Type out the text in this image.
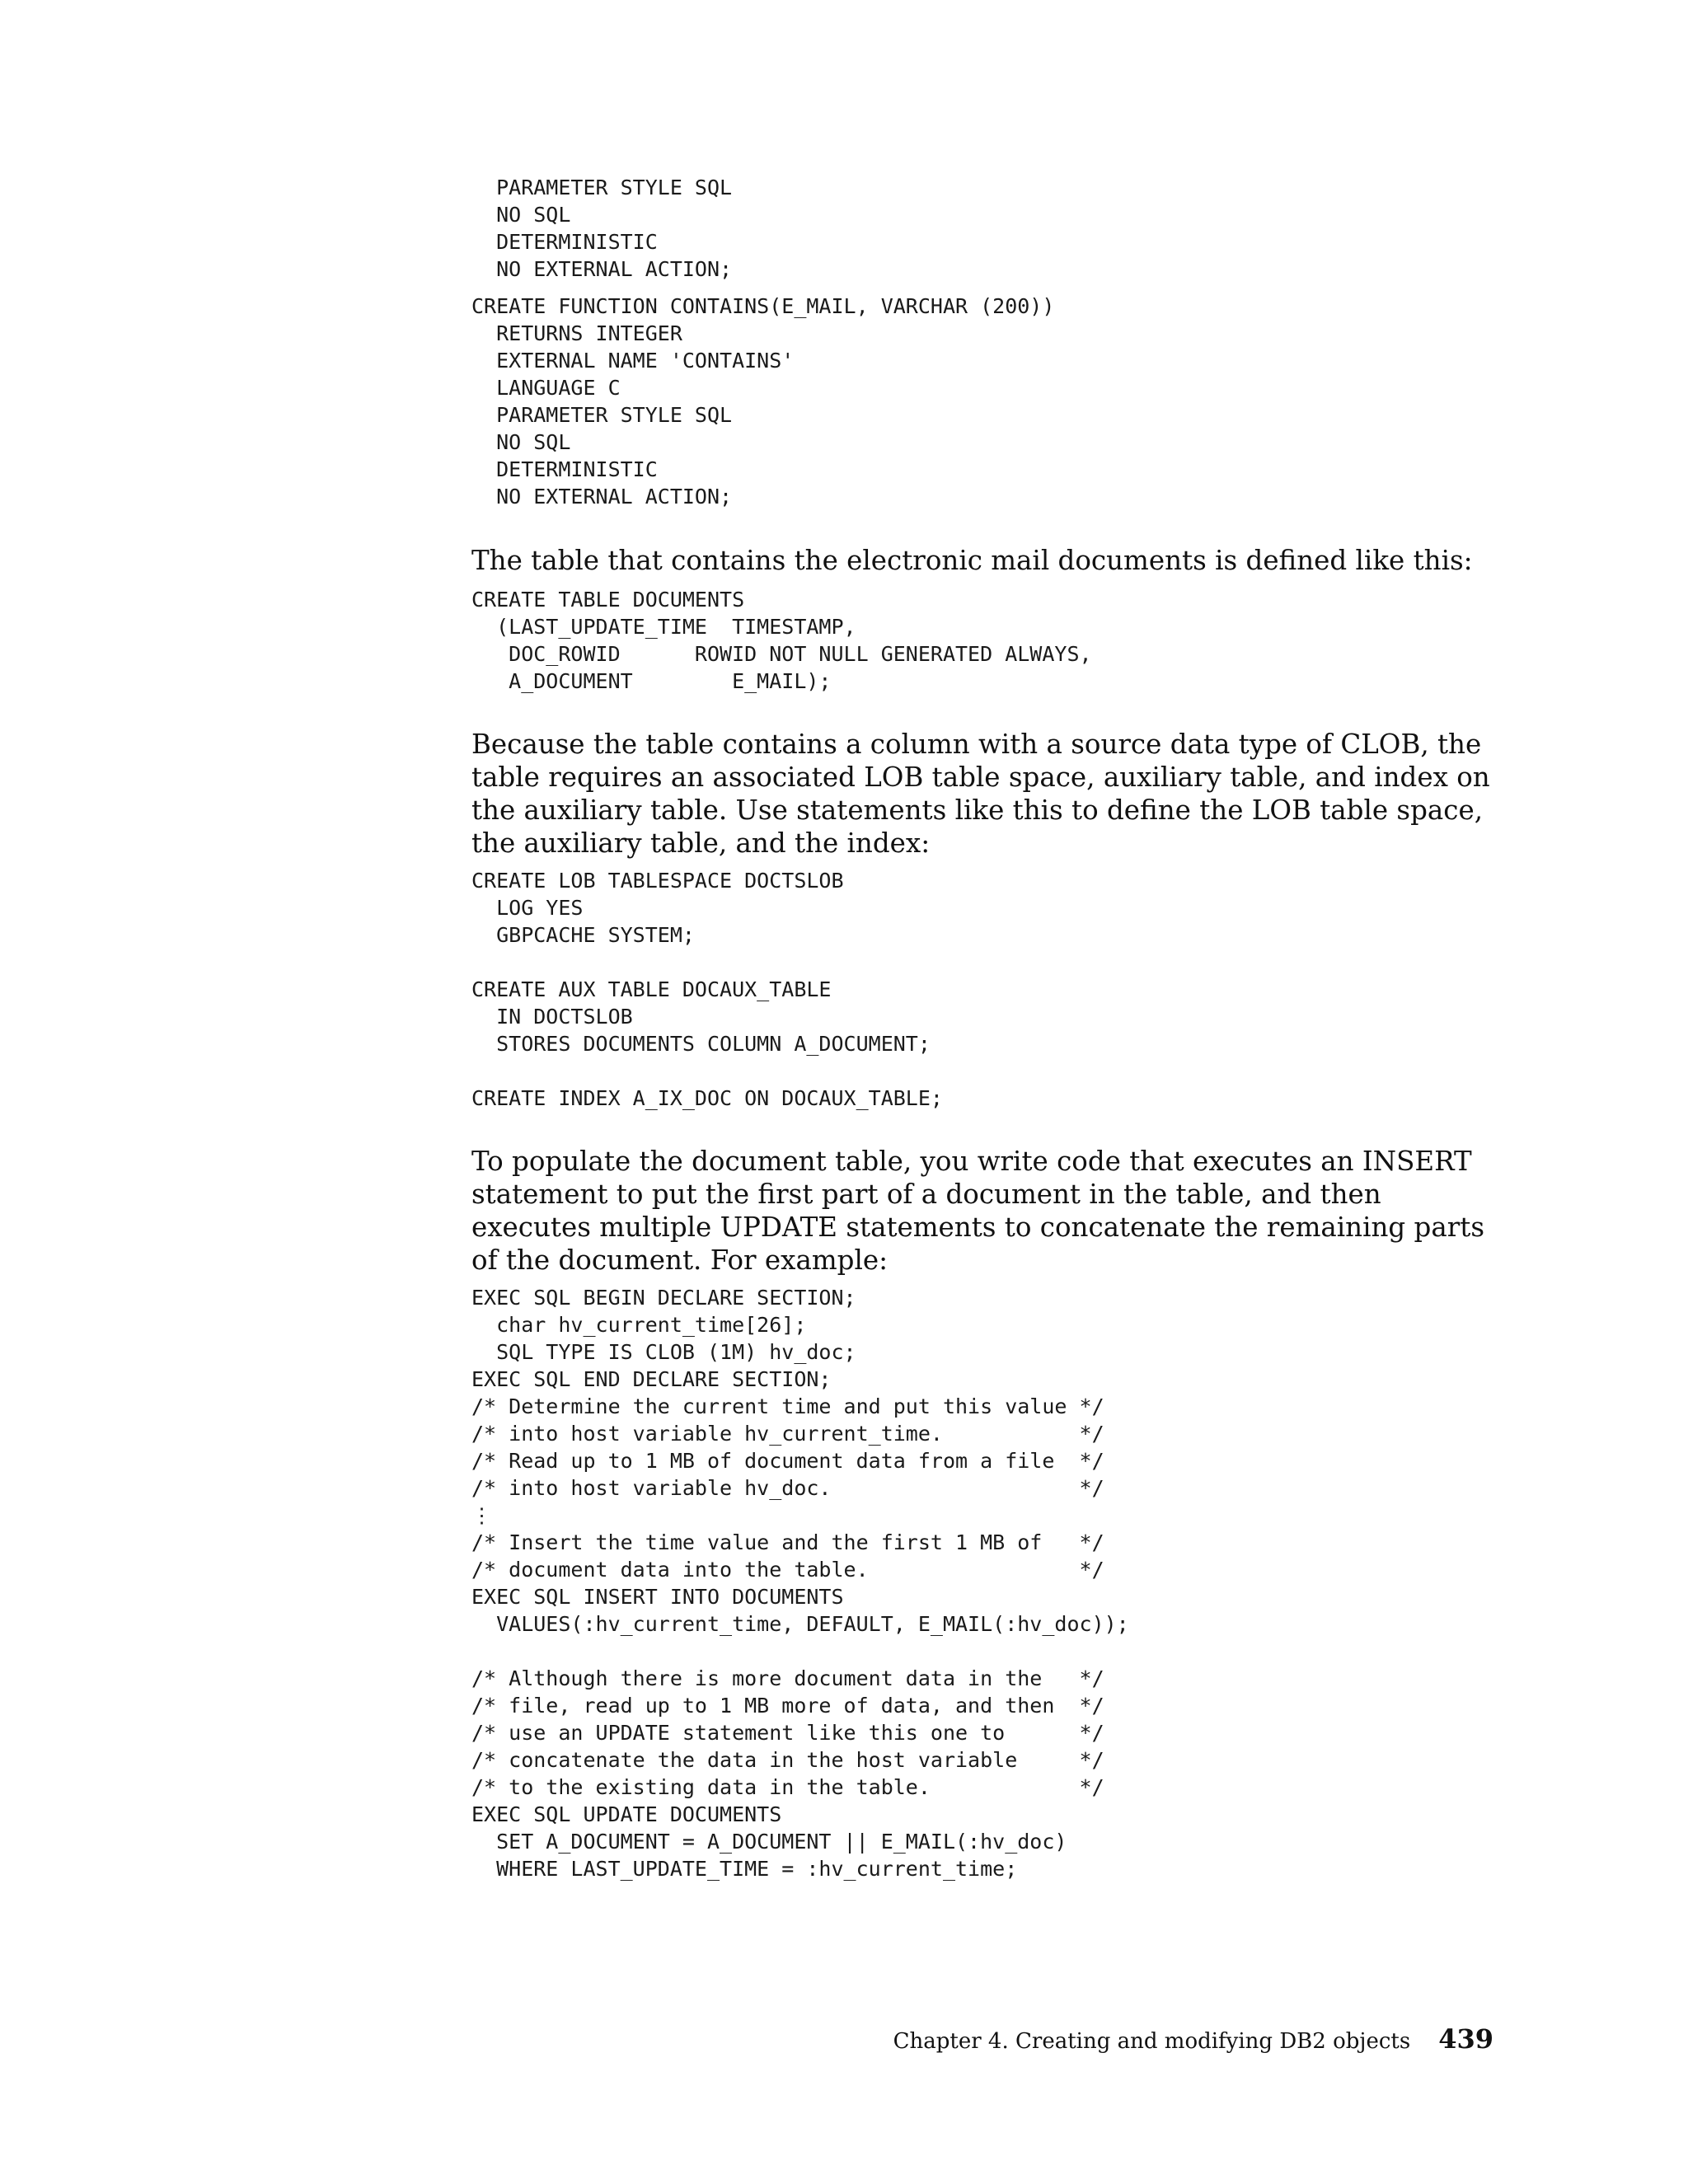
PARAMETER STYLE SQL
NO SQL
DETERMINISTIC
NO EXTERNAL ACTION;
CREATE FUNCTION CONTAINS(E_MAIL, VARCHAR (200))
RETURNS INTEGER
EXTERNAL NAME 'CONTAINS'
LANGUAGE C
PARAMETER STYLE SQL
NO SQL
DETERMINISTIC
NO EXTERNAL ACTION;

The table that contains the electronic mail documents is defined like this:

CREATE TABLE DOCUMENTS
(LAST_UPDATE_TIME  TIMESTAMP,
DOC_ROWID      ROWID NOT NULL GENERATED ALWAYS,
A_DOCUMENT        E_MAIL);

Because the table contains a column with a source data type of CLOB, the table requires an associated LOB table space, auxiliary table, and index on the auxiliary table. Use statements like this to define the LOB table space, the auxiliary table, and the index:

CREATE LOB TABLESPACE DOCTSLOB
LOG YES
GBPCACHE SYSTEM;

CREATE AUX TABLE DOCAUX_TABLE
IN DOCTSLOB
STORES DOCUMENTS COLUMN A_DOCUMENT;

CREATE INDEX A_IX_DOC ON DOCAUX_TABLE;

To populate the document table, you write code that executes an INSERT statement to put the first part of a document in the table, and then executes multiple UPDATE statements to concatenate the remaining parts of the document. For example:

EXEC SQL BEGIN DECLARE SECTION;
char hv_current_time[26];
SQL TYPE IS CLOB (1M) hv_doc;
EXEC SQL END DECLARE SECTION;
/* Determine the current time and put this value */
/* into host variable hv_current_time.           */
/* Read up to 1 MB of document data from a file  */
/* into host variable hv_doc.                    */
⋮
/* Insert the time value and the first 1 MB of   */
/* document data into the table.                 */
EXEC SQL INSERT INTO DOCUMENTS
VALUES(:hv_current_time, DEFAULT, E_MAIL(:hv_doc));

/* Although there is more document data in the   */
/* file, read up to 1 MB more of data, and then  */
/* use an UPDATE statement like this one to      */
/* concatenate the data in the host variable     */
/* to the existing data in the table.            */
EXEC SQL UPDATE DOCUMENTS
SET A_DOCUMENT = A_DOCUMENT || E_MAIL(:hv_doc)
WHERE LAST_UPDATE_TIME = :hv_current_time;
Chapter 4. Creating and modifying DB2 objects 439
